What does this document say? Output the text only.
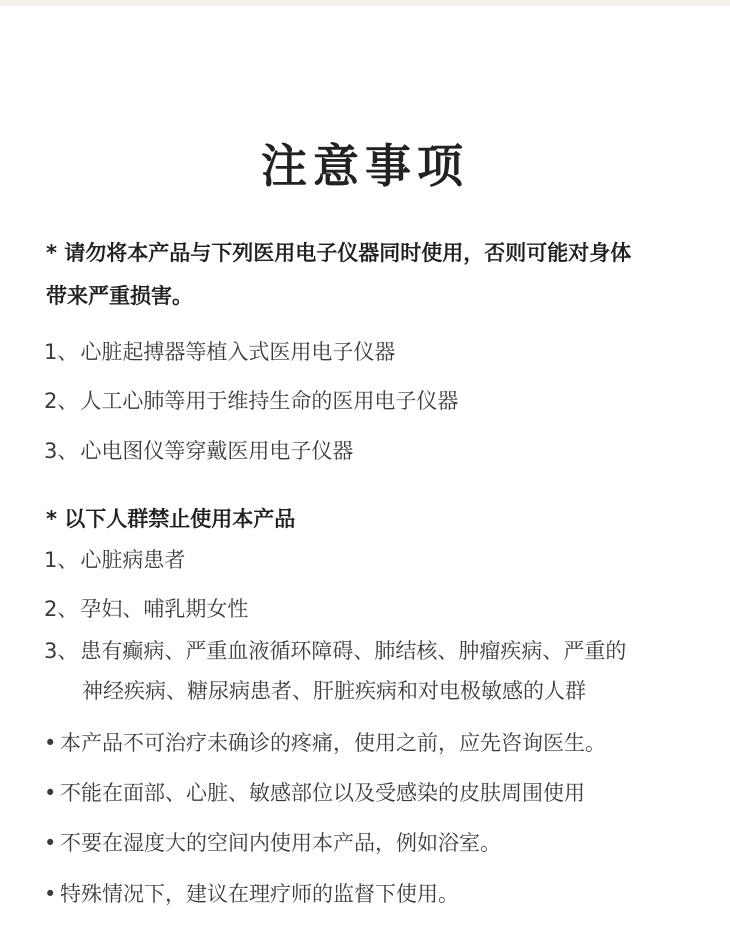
注意事项
* 请勿将本产品与下列医用电子仪器同时使用，否则可能对身体
带来严重损害。
1、心脏起搏器等植入式医用电子仪器
2、人工心肺等用于维持生命的医用电子仪器
3、心电图仪等穿戴医用电子仪器
* 以下人群禁止使用本产品
1、心脏病患者
2、孕妇、哺乳期女性
3、患有癫病、严重血液循环障碍、肺结核、肿瘤疾病、严重的
神经疾病、糖尿病患者、肝脏疾病和对电极敏感的人群
• 本产品不可治疗未确诊的疼痛，使用之前，应先咨询医生。
• 不能在面部、心脏、敏感部位以及受感染的皮肤周围使用
• 不要在湿度大的空间内使用本产品，例如浴室。
• 特殊情况下，建议在理疗师的监督下使用。
